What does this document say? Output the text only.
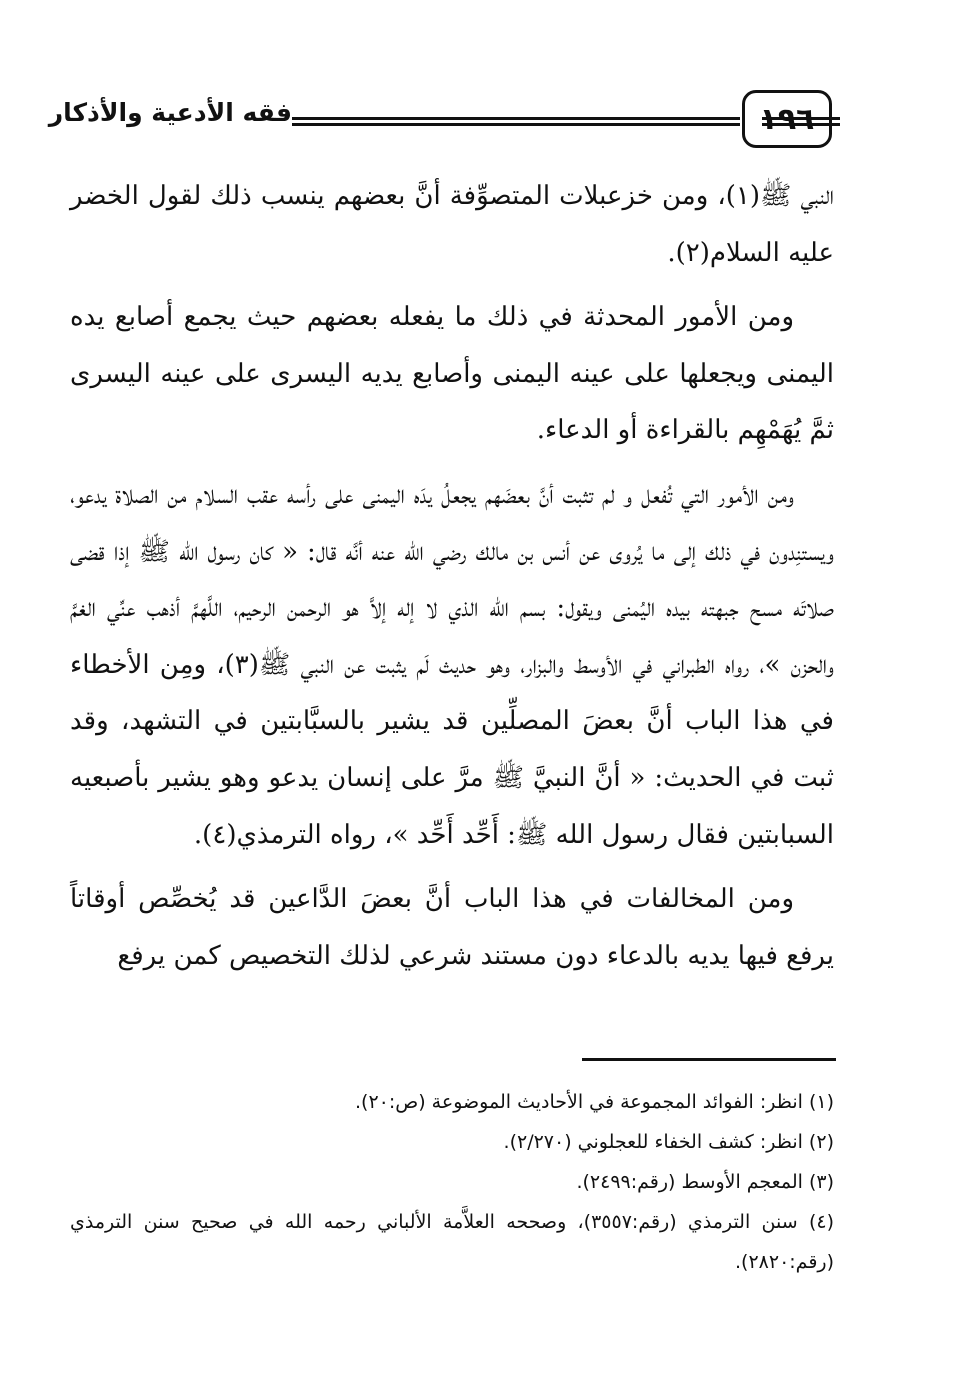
١٩٦
فقه الأدعية والأذكار

النبي ﷺ(١)، ومن خزعبلات المتصوِّفة أنَّ بعضهم ينسب ذلك لقول الخضر عليه السلام(٢).

ومن الأمور المحدثة في ذلك ما يفعله بعضهم حيث يجمع أصابع يده اليمنى ويجعلها على عينه اليمنى وأصابع يديه اليسرى على عينه اليسرى ثمَّ يُهَمْهِم بالقراءة أو الدعاء.

ومن الأمور التي تُفعل و لم تثبت أنَّ بعضَهم يجعلُ يدَه اليمنى على رأسه عقب السلام من الصلاة يدعو، ويستنِدون في ذلك إلى ما يُروى عن أنس بن مالك رضي الله عنه أنَّه قال: « كان رسول الله ﷺ إذا قضى صلاتَه مسح جبهته بيده اليُمنى ويقول: بسم الله الذي لا إله إلاَّ هو الرحمن الرحيم، اللَّهمَّ أذهب عنِّي الغمَّ والحزن »، رواه الطبراني في الأوسط والبزار، وهو حديث لَم يثبت عن النبي ﷺ(٣)، ومِن الأخطاء في هذا الباب أنَّ بعضَ المصلِّين قد يشير بالسبَّابتين في التشهد، وقد ثبت في الحديث: « أنَّ النبيَّ ﷺ مرَّ على إنسان يدعو وهو يشير بأصبعيه السبابتين فقال رسول الله ﷺ: أَحِّد أَحِّد »، رواه الترمذي(٤).

ومن المخالفات في هذا الباب أنَّ بعضَ الدَّاعين قد يُخصِّص أوقاتاً يرفع فيها يديه بالدعاء دون مستند شرعي لذلك التخصيص كمن يرفع

(١) انظر: الفوائد المجموعة في الأحاديث الموضوعة (ص:٢٠).

(٢) انظر: كشف الخفاء للعجلوني (٢/٢٧٠).

(٣) المعجم الأوسط (رقم:٢٤٩٩).

(٤) سنن الترمذي (رقم:٣٥٥٧)، وصححه العلاَّمة الألباني رحمه الله في صحيح سنن الترمذي (رقم:٢٨٢٠).
